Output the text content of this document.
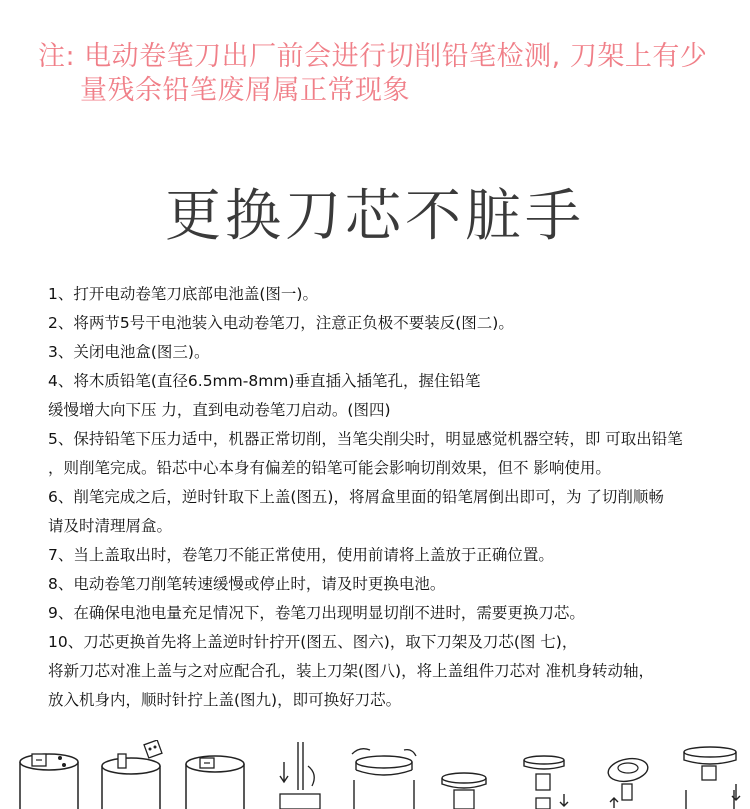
注: 电动卷笔刀出厂前会进行切削铅笔检测, 刀架上有少
量残余铅笔废屑属正常现象
更换刀芯不脏手
1、打开电动卷笔刀底部电池盖(图一)。
2、将两节5号干电池装入电动卷笔刀，注意正负极不要装反(图二)。
3、关闭电池盒(图三)。
4、将木质铅笔(直径6.5mm-8mm)垂直插入插笔孔，握住铅笔
缓慢增大向下压 力，直到电动卷笔刀启动。(图四)
5、保持铅笔下压力适中，机器正常切削，当笔尖削尖时，明显感觉机器空转，即 可取出铅笔
，则削笔完成。铅芯中心本身有偏差的铅笔可能会影响切削效果，但不 影响使用。
6、削笔完成之后，逆时针取下上盖(图五)，将屑盒里面的铅笔屑倒出即可，为 了切削顺畅
请及时清理屑盒。
7、当上盖取出时，卷笔刀不能正常使用，使用前请将上盖放于正确位置。
8、电动卷笔刀削笔转速缓慢或停止时，请及时更换电池。
9、在确保电池电量充足情况下，卷笔刀出现明显切削不进时，需要更换刀芯。
10、刀芯更换首先将上盖逆时针拧开(图五、图六)，取下刀架及刀芯(图 七)，
将新刀芯对准上盖与之对应配合孔，装上刀架(图八)，将上盖组件刀芯对 准机身转动轴，
放入机身内，顺时针拧上盖(图九)，即可换好刀芯。
